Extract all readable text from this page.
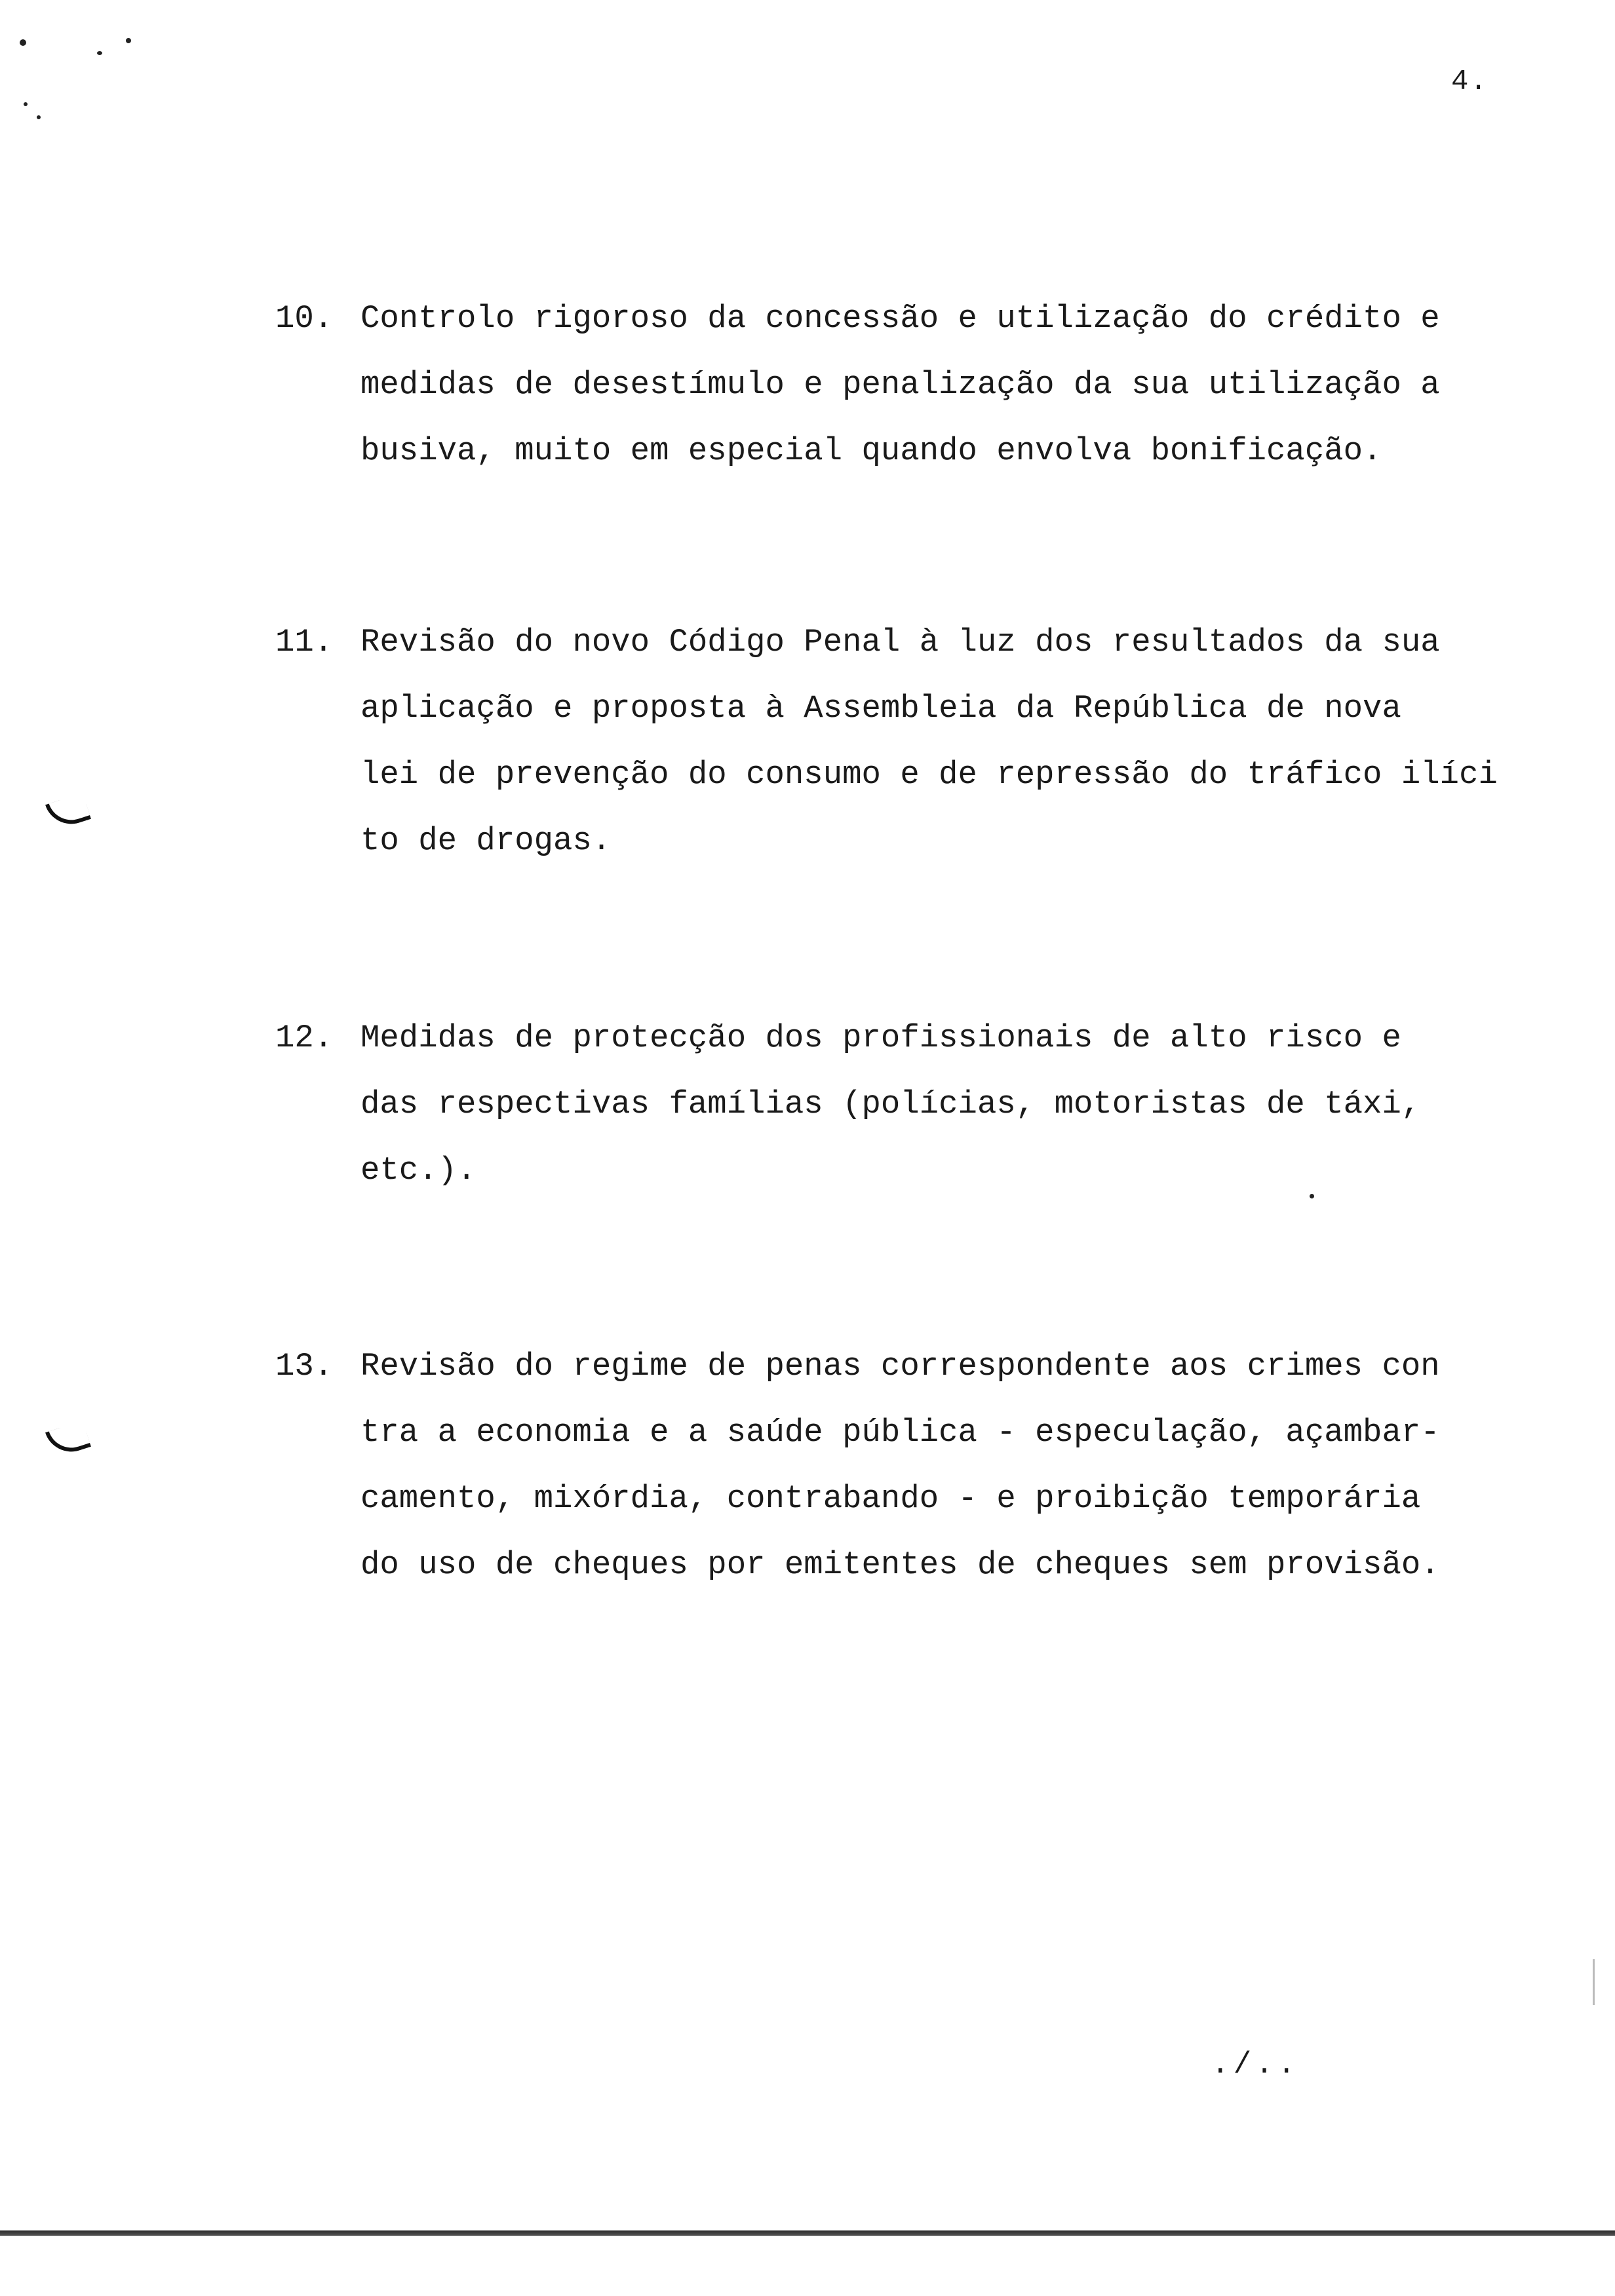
4.
10. Controlo rigoroso da concessão e utilização do crédito e
medidas de desestímulo e penalização da sua utilização a
busiva, muito em especial quando envolva bonificação.
11. Revisão do novo Código Penal à luz dos resultados da sua
aplicação e proposta à Assembleia da República de nova
lei de prevenção do consumo e de repressão do tráfico ilíci
to de drogas.
12. Medidas de protecção dos profissionais de alto risco e
das respectivas famílias (polícias, motoristas de táxi,
etc.).
13. Revisão do regime de penas correspondente aos crimes con
tra a economia e a saúde pública - especulação, açambar-
camento, mixórdia, contrabando - e proibição temporária
do uso de cheques por emitentes de cheques sem provisão.
./..
